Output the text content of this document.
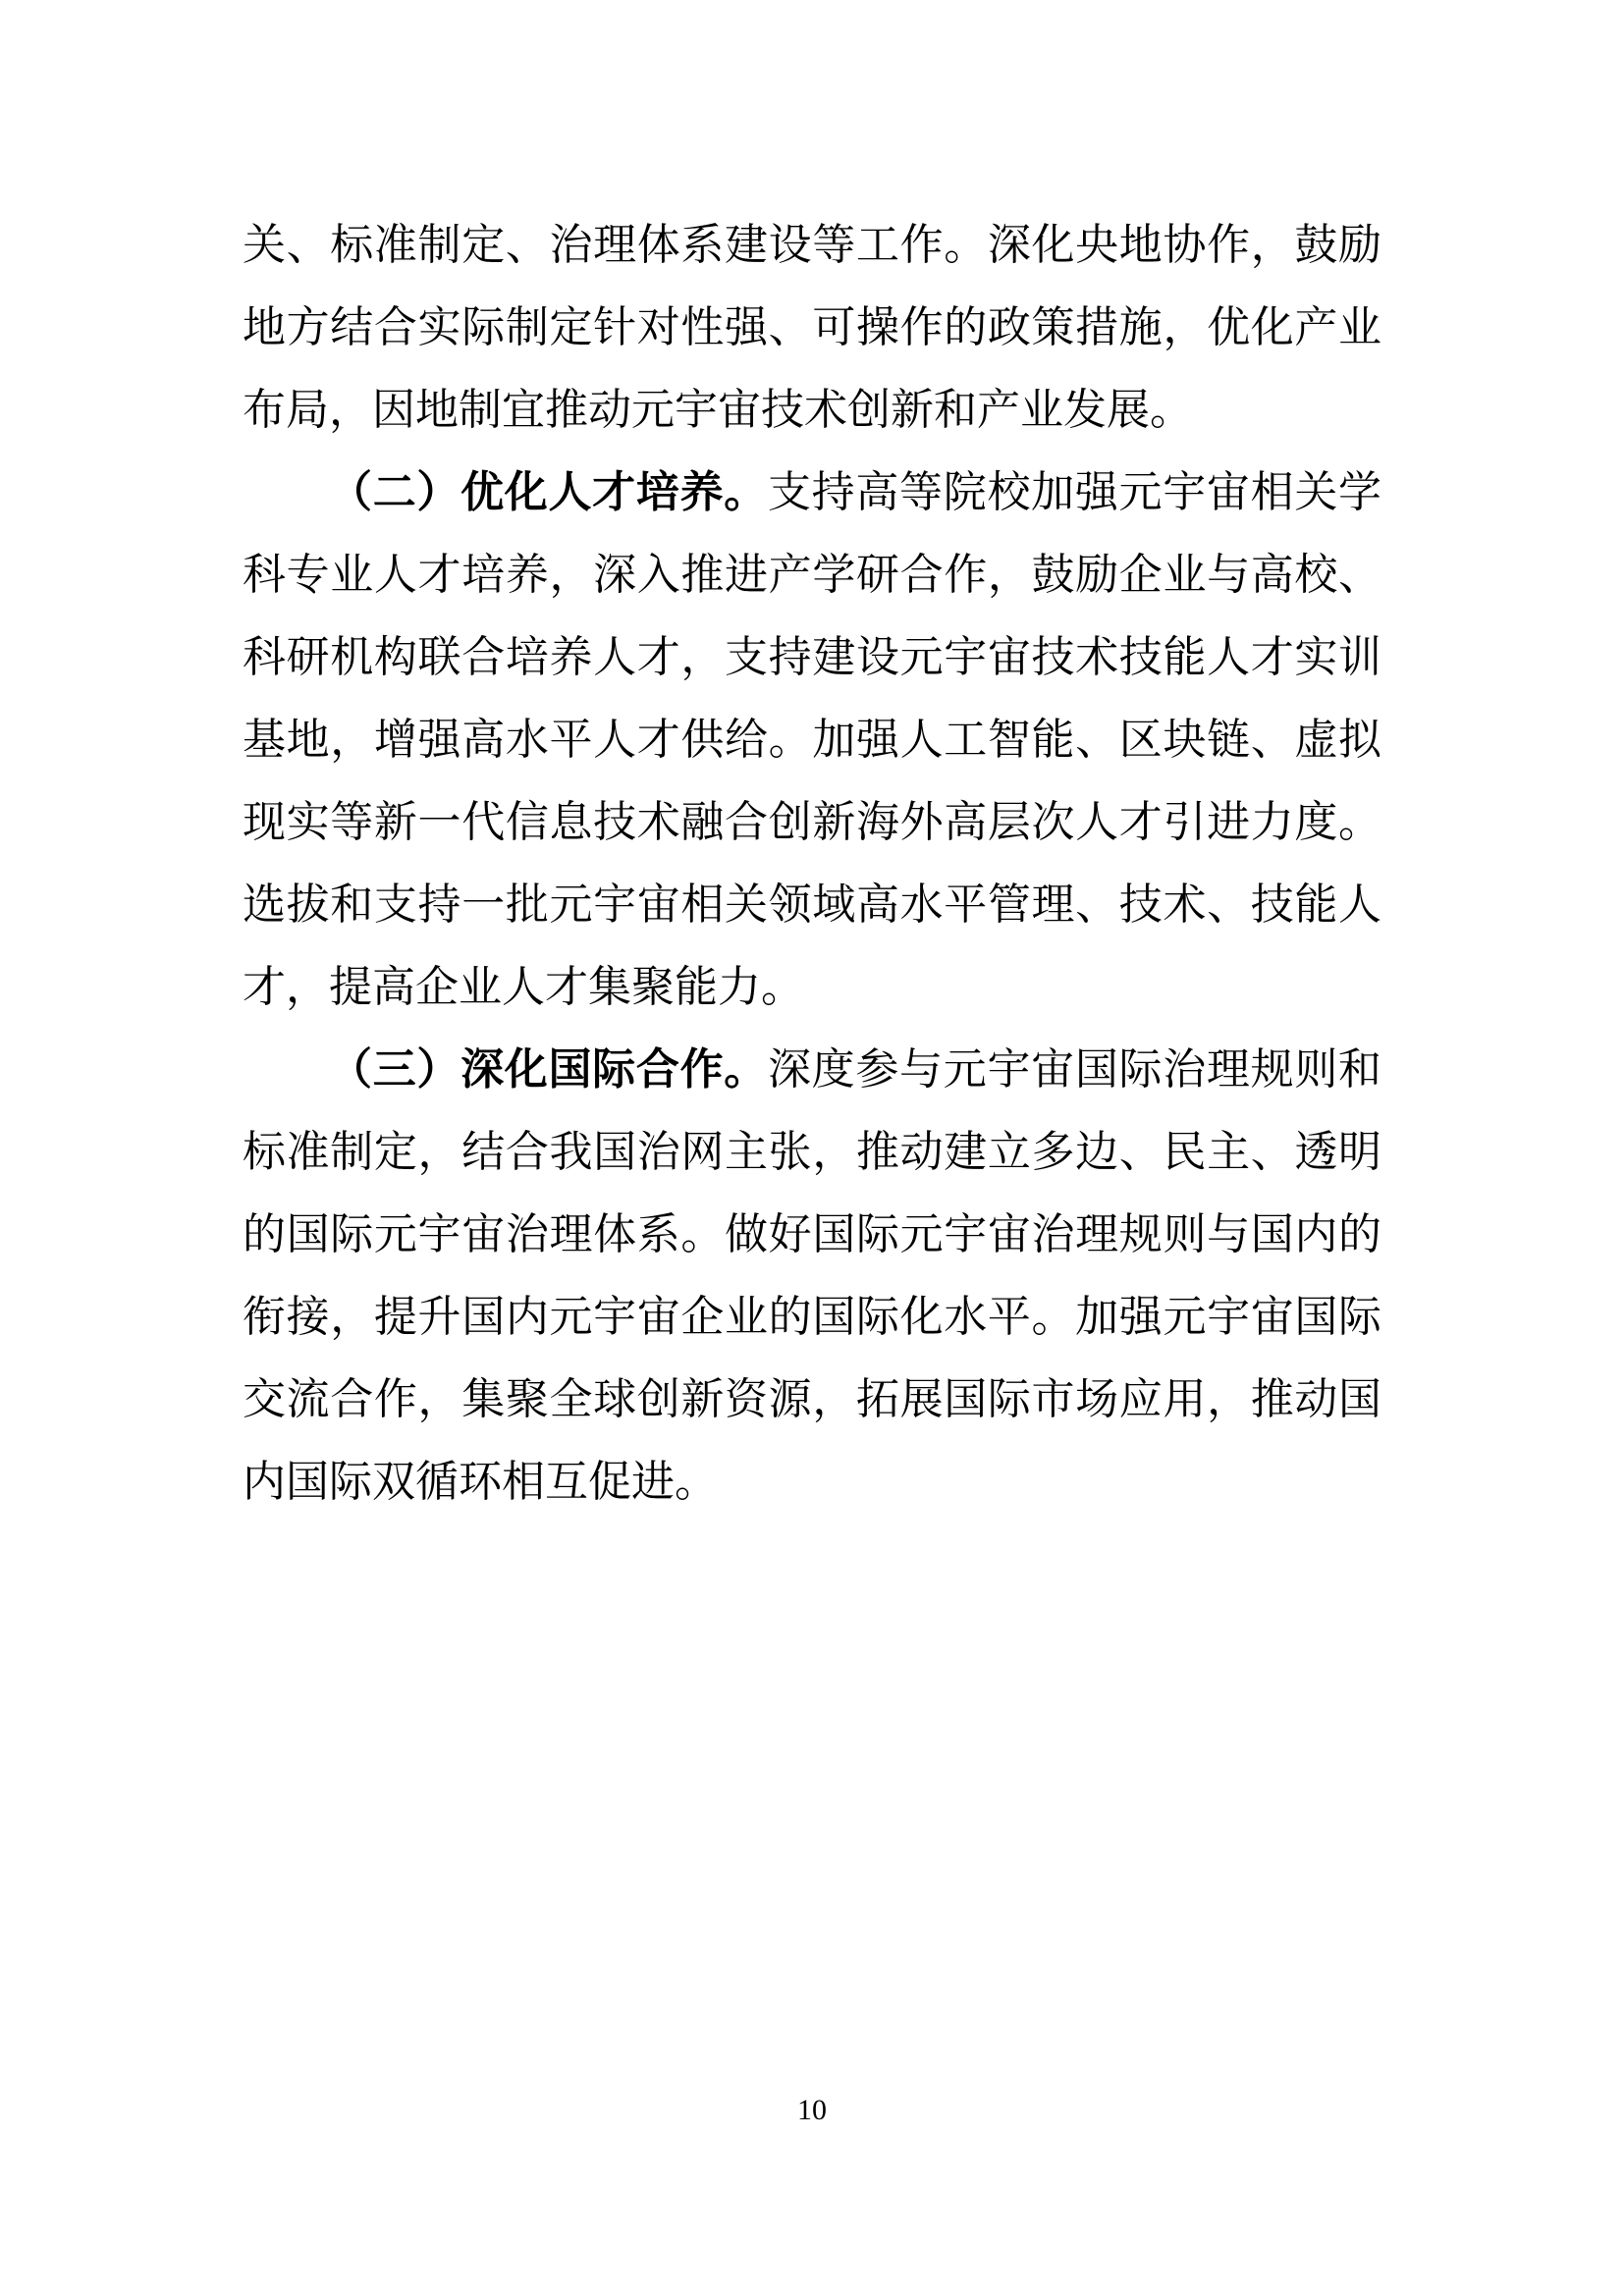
关、标准制定、治理体系建设等工作。深化央地协作，鼓励地方结合实际制定针对性强、可操作的政策措施，优化产业布局，因地制宜推动元宇宙技术创新和产业发展。

（二）优化人才培养。支持高等院校加强元宇宙相关学科专业人才培养，深入推进产学研合作，鼓励企业与高校、科研机构联合培养人才，支持建设元宇宙技术技能人才实训基地，增强高水平人才供给。加强人工智能、区块链、虚拟现实等新一代信息技术融合创新海外高层次人才引进力度。选拔和支持一批元宇宙相关领域高水平管理、技术、技能人才，提高企业人才集聚能力。

（三）深化国际合作。深度参与元宇宙国际治理规则和标准制定，结合我国治网主张，推动建立多边、民主、透明的国际元宇宙治理体系。做好国际元宇宙治理规则与国内的衔接，提升国内元宇宙企业的国际化水平。加强元宇宙国际交流合作，集聚全球创新资源，拓展国际市场应用，推动国内国际双循环相互促进。

10
